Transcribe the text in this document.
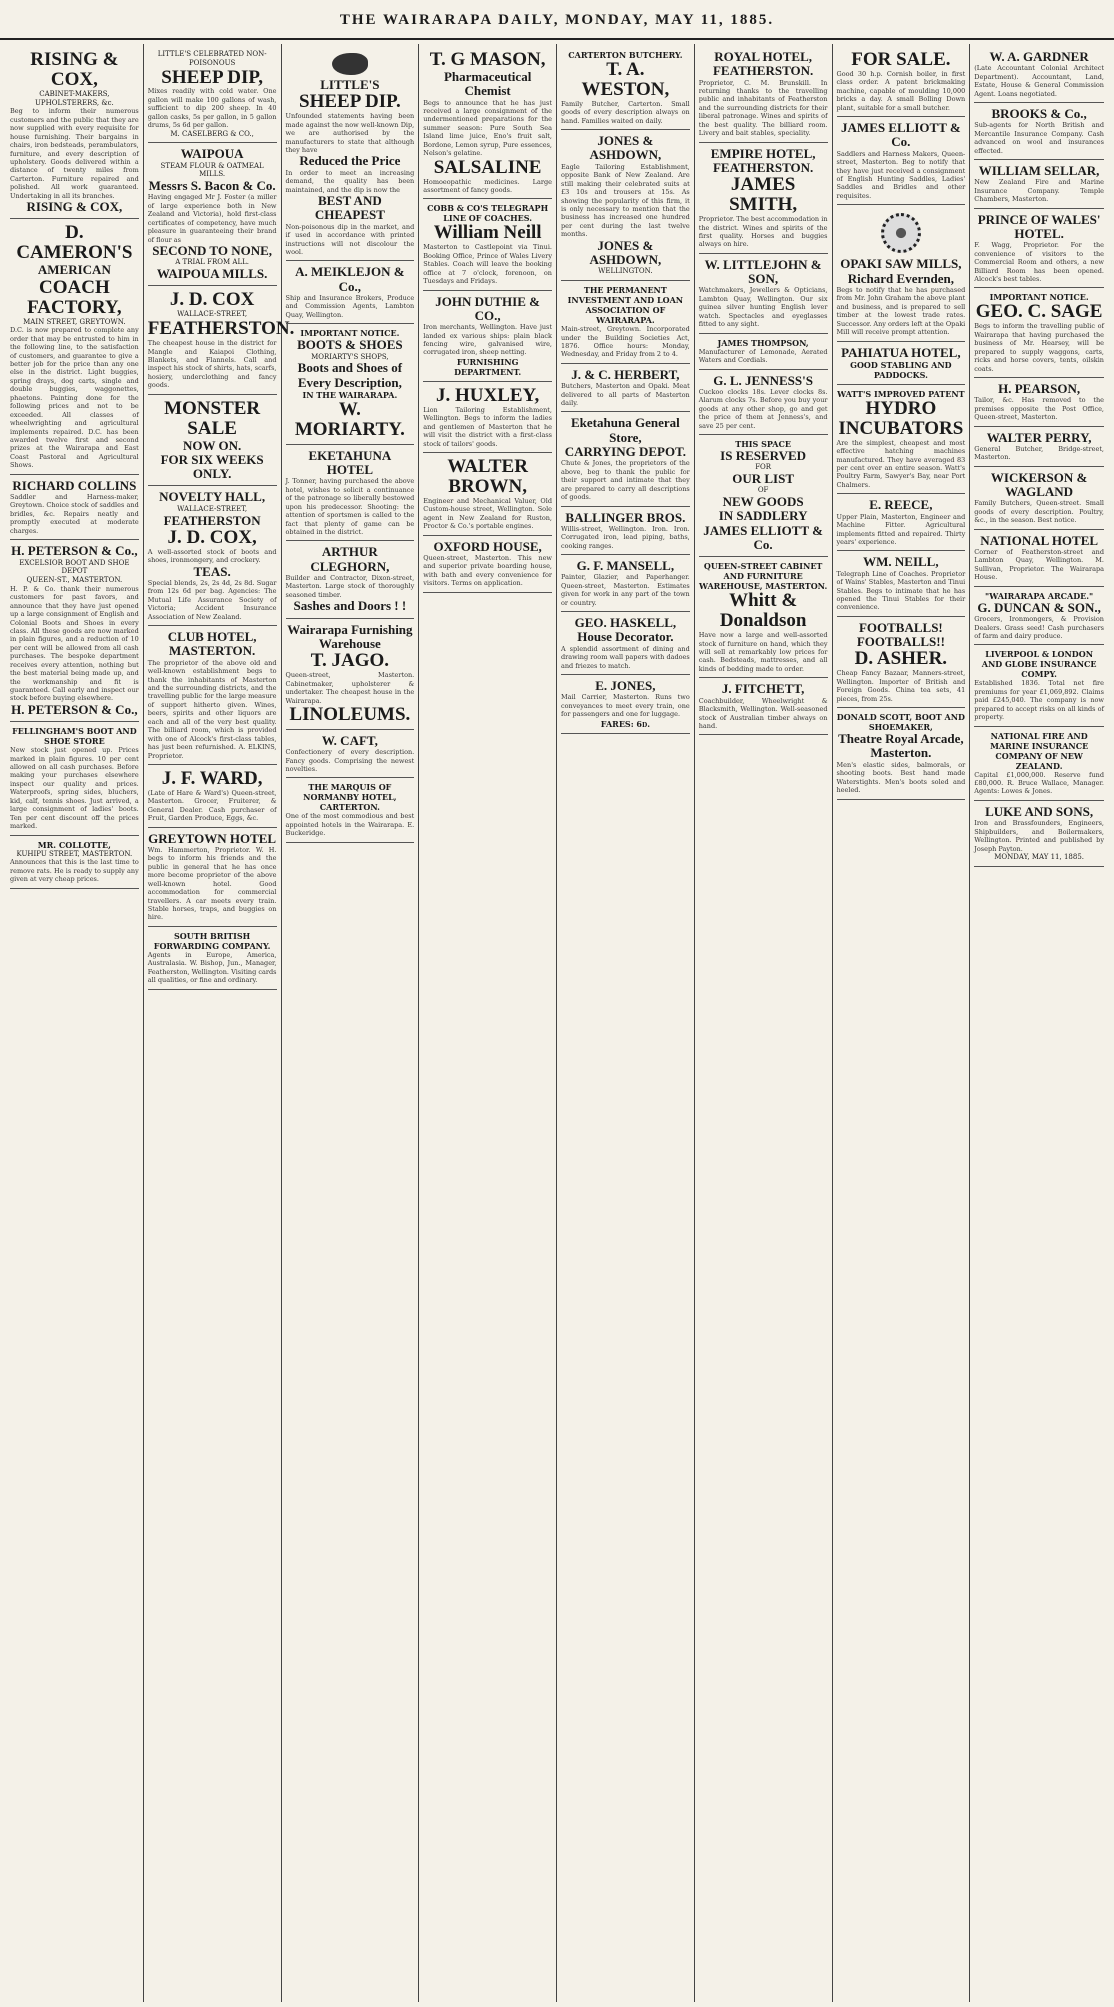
THE WAIRARAPA DAILY, MONDAY, MAY 11, 1885.
RISING & COX,
CABINET-MAKERS, UPHOLSTERERS, &c.
Beg to inform their numerous customers and the public that they are now supplied with every requisite for house furnishing. Their bargains in chairs, iron bedsteads, perambulators, furniture, and every description of upholstery. Goods delivered within a distance of twenty miles from Carterton. Furniture repaired and polished. All work guaranteed. Undertaking in all its branches.
RISING & COX,
D. CAMERON'S
AMERICAN
COACH FACTORY,
MAIN STREET, GREYTOWN.
D.C. is now prepared to complete any order that may be entrusted to him in the following line, to the satisfaction of customers, and guarantee to give a better job for the price than any one else in the district. Light buggies, spring drays, dog carts, single and double buggies, waggonettes, phaetons. Painting done for the following prices and not to be exceeded. All classes of wheelwrighting and agricultural implements repaired. D.C. has been awarded twelve first and second prizes at the Wairarapa and East Coast Pastoral and Agricultural Shows.
RICHARD COLLINS
Saddler and Harness-maker, Greytown. Choice stock of saddles and bridles, &c. Repairs neatly and promptly executed at moderate charges.
H. PETERSON & Co.,
EXCELSIOR BOOT AND SHOE DEPOT
QUEEN-ST., MASTERTON.
H. P. & Co. thank their numerous customers for past favors, and announce that they have just opened up a large consignment of English and Colonial Boots and Shoes in every class. All these goods are now marked in plain figures, and a reduction of 10 per cent will be allowed from all cash purchases. The bespoke department receives every attention, nothing but the best material being made up, and the workmanship and fit is guaranteed. Call early and inspect our stock before buying elsewhere.
H. PETERSON & Co.,
FELLINGHAM'S BOOT AND SHOE STORE
New stock just opened up. Prices marked in plain figures. 10 per cent allowed on all cash purchases. Before making your purchases elsewhere inspect our quality and prices. Waterproofs, spring sides, bluchers, kid, calf, tennis shoes. Just arrived, a large consignment of ladies' boots. Ten per cent discount off the prices marked.
MR. COLLOTTE,
KUHIPU STREET, MASTERTON.
Announces that this is the last time to remove rats. He is ready to supply any given at very cheap prices.
LITTLE'S CELEBRATED NON-POISONOUS
SHEEP DIP,
Mixes readily with cold water. One gallon will make 100 gallons of wash, sufficient to dip 200 sheep. In 40 gallon casks, 5s per gallon, in 5 gallon drums, 5s 6d per gallon.
M. CASELBERG & CO.,
WAIPOUA
STEAM FLOUR & OATMEAL MILLS.
Messrs S. Bacon & Co.
Having engaged Mr J. Foster (a miller of large experience both in New Zealand and Victoria), hold first-class certificates of competency, have much pleasure in guaranteeing their brand of flour as
SECOND TO NONE,
A TRIAL FROM ALL.
WAIPOUA MILLS.
J. D. COX
WALLACE-STREET,
FEATHERSTON.
The cheapest house in the district for Mangle and Kaiapoi Clothing, Blankets, and Flannels. Call and inspect his stock of shirts, hats, scarfs, hosiery, underclothing and fancy goods.
MONSTER SALE
NOW ON.
FOR SIX WEEKS ONLY.
NOVELTY HALL,
WALLACE-STREET,
FEATHERSTON
J. D. COX,
A well-assorted stock of boots and shoes, ironmongery, and crockery.
TEAS.
Special blends, 2s, 2s 4d, 2s 8d. Sugar from 12s 6d per bag. Agencies: The Mutual Life Assurance Society of Victoria; Accident Insurance Association of New Zealand.
CLUB HOTEL, MASTERTON.
The proprietor of the above old and well-known establishment begs to thank the inhabitants of Masterton and the surrounding districts, and the travelling public for the large measure of support hitherto given. Wines, beers, spirits and other liquors are each and all of the very best quality. The billiard room, which is provided with one of Alcock's first-class tables, has just been refurnished. A. ELKINS, Proprietor.
J. F. WARD,
(Late of Hare & Ward's) Queen-street, Masterton. Grocer, Fruiterer, & General Dealer. Cash purchaser of Fruit, Garden Produce, Eggs, &c.
GREYTOWN HOTEL
Wm. Hammerton, Proprietor. W. H. begs to inform his friends and the public in general that he has once more become proprietor of the above well-known hotel. Good accommodation for commercial travellers. A car meets every train. Stable horses, traps, and buggies on hire.
SOUTH BRITISH FORWARDING COMPANY.
Agents in Europe, America, Australasia. W. Bishop, Jun., Manager, Featherston, Wellington. Visiting cards all qualities, or fine and ordinary.
LITTLE'S
SHEEP DIP.
Unfounded statements having been made against the now well-known Dip, we are authorised by the manufacturers to state that although they have
Reduced the Price
In order to meet an increasing demand, the quality has been maintained, and the dip is now the
BEST AND CHEAPEST
Non-poisonous dip in the market, and if used in accordance with printed instructions will not discolour the wool.
A. MEIKLEJON & Co.,
Ship and Insurance Brokers, Produce and Commission Agents, Lambton Quay, Wellington.
IMPORTANT NOTICE.
BOOTS & SHOES
MORIARTY'S SHOPS,
Boots and Shoes of Every Description,
IN THE WAIRARAPA.
W. MORIARTY.
EKETAHUNA HOTEL
J. Tonner, having purchased the above hotel, wishes to solicit a continuance of the patronage so liberally bestowed upon his predecessor. Shooting: the attention of sportsmen is called to the fact that plenty of game can be obtained in the district.
ARTHUR CLEGHORN,
Builder and Contractor, Dixon-street, Masterton. Large stock of thoroughly seasoned timber.
Sashes and Doors ! !
Wairarapa Furnishing Warehouse
T. JAGO.
Queen-street, Masterton. Cabinetmaker, upholsterer & undertaker. The cheapest house in the Wairarapa.
LINOLEUMS.
W. CAFT,
Confectionery of every description. Fancy goods. Comprising the newest novelties.
THE MARQUIS OF NORMANBY HOTEL, CARTERTON.
One of the most commodious and best appointed hotels in the Wairarapa. E. Buckeridge.
T. G MASON,
Pharmaceutical Chemist
Begs to announce that he has just received a large consignment of the undermentioned preparations for the summer season: Pure South Sea Island lime juice, Eno's fruit salt, Bordone, Lemon syrup, Pure essences, Nelson's gelatine.
SALSALINE
Homoeopathic medicines. Large assortment of fancy goods.
COBB & CO'S TELEGRAPH LINE OF COACHES.
William Neill
Masterton to Castlepoint via Tinui. Booking Office, Prince of Wales Livery Stables. Coach will leave the booking office at 7 o'clock, forenoon, on Tuesdays and Fridays.
JOHN DUTHIE & CO.,
Iron merchants, Wellington. Have just landed ex various ships: plain black fencing wire, galvanised wire, corrugated iron, sheep netting.
FURNISHING DEPARTMENT.
J. HUXLEY,
Lion Tailoring Establishment, Wellington. Begs to inform the ladies and gentlemen of Masterton that he will visit the district with a first-class stock of tailors' goods.
WALTER BROWN,
Engineer and Mechanical Valuer, Old Custom-house street, Wellington. Sole agent in New Zealand for Ruston, Proctor & Co.'s portable engines.
OXFORD HOUSE,
Queen-street, Masterton. This new and superior private boarding house, with bath and every convenience for visitors. Terms on application.
CARTERTON BUTCHERY.
T. A. WESTON,
Family Butcher, Carterton. Small goods of every description always on hand. Families waited on daily.
JONES & ASHDOWN,
Eagle Tailoring Establishment, opposite Bank of New Zealand. Are still making their celebrated suits at £3 10s and trousers at 15s. As showing the popularity of this firm, it is only necessary to mention that the business has increased one hundred per cent during the last twelve months.
JONES & ASHDOWN,
WELLINGTON.
THE PERMANENT INVESTMENT AND LOAN ASSOCIATION OF WAIRARAPA.
Main-street, Greytown. Incorporated under the Building Societies Act, 1876. Office hours: Monday, Wednesday, and Friday from 2 to 4.
J. & C. HERBERT,
Butchers, Masterton and Opaki. Meat delivered to all parts of Masterton daily.
Eketahuna General Store,
CARRYING DEPOT.
Chute & Jones, the proprietors of the above, beg to thank the public for their support and intimate that they are prepared to carry all descriptions of goods.
BALLINGER BROS.
Willis-street, Wellington. Iron. Iron. Corrugated iron, lead piping, baths, cooking ranges.
G. F. MANSELL,
Painter, Glazier, and Paperhanger. Queen-street, Masterton. Estimates given for work in any part of the town or country.
GEO. HASKELL,
House Decorator.
A splendid assortment of dining and drawing room wall papers with dadoes and friezes to match.
E. JONES,
Mail Carrier, Masterton. Runs two conveyances to meet every train, one for passengers and one for luggage.
FARES: 6d.
ROYAL HOTEL, FEATHERSTON.
Proprietor, C. M. Brunskill. In returning thanks to the travelling public and inhabitants of Featherston and the surrounding districts for their liberal patronage. Wines and spirits of the best quality. The billiard room. Livery and bait stables, speciality.
EMPIRE HOTEL, FEATHERSTON.
JAMES SMITH,
Proprietor. The best accommodation in the district. Wines and spirits of the first quality. Horses and buggies always on hire.
W. LITTLEJOHN & SON,
Watchmakers, Jewellers & Opticians, Lambton Quay, Wellington. Our six guinea silver hunting English lever watch. Spectacles and eyeglasses fitted to any sight.
JAMES THOMPSON,
Manufacturer of Lemonade, Aerated Waters and Cordials.
G. L. JENNESS'S
Cuckoo clocks 18s. Lever clocks 8s. Alarum clocks 7s. Before you buy your goods at any other shop, go and get the price of them at Jenness's, and save 25 per cent.
THIS SPACE
IS RESERVED
FOR
OUR LIST
OF
NEW GOODS
IN SADDLERY
JAMES ELLIOTT & Co.
QUEEN-STREET CABINET AND FURNITURE WAREHOUSE, MASTERTON.
Whitt & Donaldson
Have now a large and well-assorted stock of furniture on hand, which they will sell at remarkably low prices for cash. Bedsteads, mattresses, and all kinds of bedding made to order.
J. FITCHETT,
Coachbuilder, Wheelwright & Blacksmith, Wellington. Well-seasoned stock of Australian timber always on hand.
FOR SALE.
Good 30 h.p. Cornish boiler, in first class order. A patent brickmaking machine, capable of moulding 10,000 bricks a day. A small Bolling Down plant, suitable for a small butcher.
JAMES ELLIOTT & Co.
Saddlers and Harness Makers, Queen-street, Masterton. Beg to notify that they have just received a consignment of English Hunting Saddles, Ladies' Saddles and Bridles and other requisites.
OPAKI SAW MILLS,
Richard Evernden,
Begs to notify that he has purchased from Mr. John Graham the above plant and business, and is prepared to sell timber at the lowest trade rates. Successor. Any orders left at the Opaki Mill will receive prompt attention.
PAHIATUA HOTEL,
GOOD STABLING AND PADDOCKS.
WATT'S IMPROVED PATENT
HYDRO INCUBATORS
Are the simplest, cheapest and most effective hatching machines manufactured. They have averaged 83 per cent over an entire season. Watt's Poultry Farm, Sawyer's Bay, near Port Chalmers.
E. REECE,
Upper Plain, Masterton, Engineer and Machine Fitter. Agricultural implements fitted and repaired. Thirty years' experience.
WM. NEILL,
Telegraph Line of Coaches. Proprietor of Wains' Stables, Masterton and Tinui Stables. Begs to intimate that he has opened the Tinui Stables for their convenience.
FOOTBALLS! FOOTBALLS!!
D. ASHER.
Cheap Fancy Bazaar, Manners-street, Wellington. Importer of British and Foreign Goods. China tea sets, 41 pieces, from 25s.
DONALD SCOTT, BOOT AND SHOEMAKER,
Theatre Royal Arcade,
Masterton.
Men's elastic sides, balmorals, or shooting boots. Best hand made Waterstights. Men's boots soled and heeled.
W. A. GARDNER
(Late Accountant Colonial Architect Department). Accountant, Land, Estate, House & General Commission Agent. Loans negotiated.
BROOKS & Co.,
Sub-agents for North British and Mercantile Insurance Company. Cash advanced on wool and insurances effected.
WILLIAM SELLAR,
New Zealand Fire and Marine Insurance Company. Temple Chambers, Masterton.
PRINCE OF WALES' HOTEL.
F. Wagg, Proprietor. For the convenience of visitors to the Commercial Room and others, a new Billiard Room has been opened. Alcock's best tables.
IMPORTANT NOTICE.
GEO. C. SAGE
Begs to inform the travelling public of Wairarapa that having purchased the business of Mr. Hearsey, will be prepared to supply waggons, carts, ricks and horse covers, tents, oilskin coats.
H. PEARSON,
Tailor, &c. Has removed to the premises opposite the Post Office, Queen-street, Masterton.
WALTER PERRY,
General Butcher, Bridge-street, Masterton.
WICKERSON & WAGLAND
Family Butchers, Queen-street. Small goods of every description. Poultry, &c., in the season. Best notice.
NATIONAL HOTEL
Corner of Featherston-street and Lambton Quay, Wellington. M. Sullivan, Proprietor. The Wairarapa House.
"WAIRARAPA ARCADE."
G. DUNCAN & SON.,
Grocers, Ironmongers, & Provision Dealers. Grass seed! Cash purchasers of farm and dairy produce.
LIVERPOOL & LONDON AND GLOBE INSURANCE COMPY.
Established 1836. Total net fire premiums for year £1,069,892. Claims paid £245,040. The company is now prepared to accept risks on all kinds of property.
NATIONAL FIRE AND MARINE INSURANCE COMPANY OF NEW ZEALAND.
Capital £1,000,000. Reserve fund £80,000. R. Bruce Wallace, Manager. Agents: Lowes & Jones.
LUKE AND SONS,
Iron and Brassfounders, Engineers, Shipbuilders, and Boilermakers, Wellington. Printed and published by Joseph Payton.
MONDAY, MAY 11, 1885.
